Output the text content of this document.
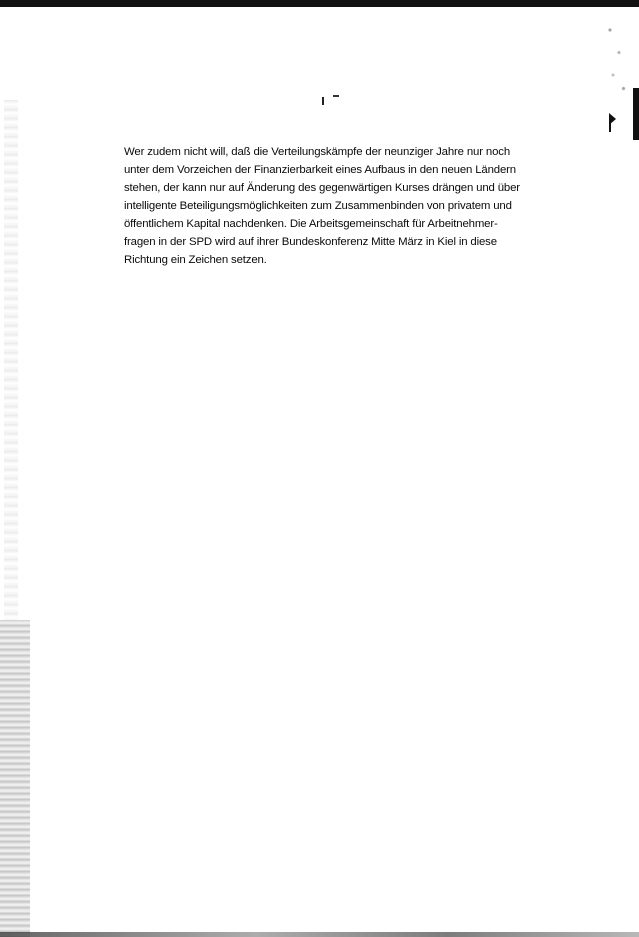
Wer zudem nicht will, daß die Verteilungskämpfe der neunziger Jahre nur noch
unter dem Vorzeichen der Finanzierbarkeit eines Aufbaus in den neuen Ländern
stehen, der kann nur auf Änderung des gegenwärtigen Kurses drängen und über
intelligente Beteiligungsmöglichkeiten zum Zusammenbinden von privatem und
öffentlichem Kapital nachdenken. Die Arbeitsgemeinschaft für Arbeitnehmer-
fragen in der SPD wird auf ihrer Bundeskonferenz Mitte März in Kiel in diese
Richtung ein Zeichen setzen.
